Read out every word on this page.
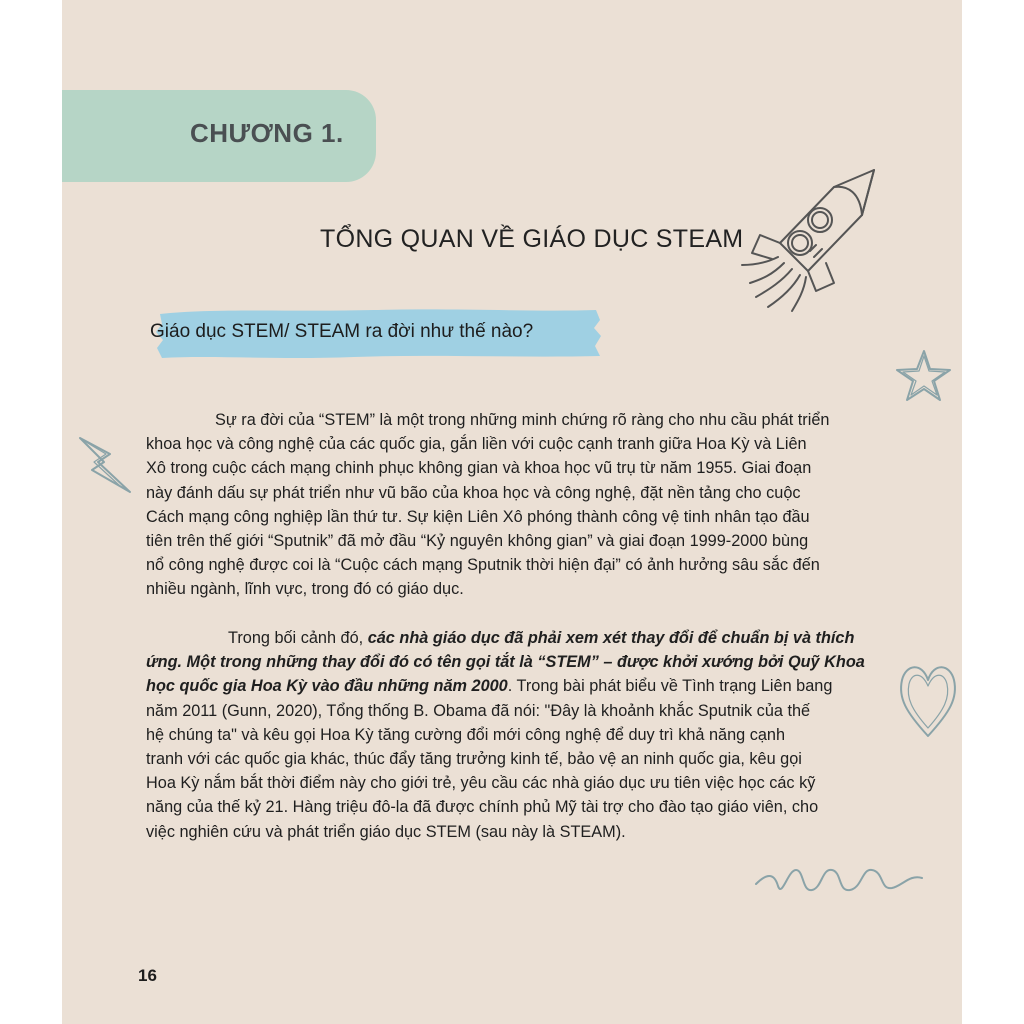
CHƯƠNG 1.
TỔNG QUAN VỀ GIÁO DỤC STEAM
Giáo dục STEM/ STEAM ra đời như thế nào?
Sự ra đời của “STEM” là một trong những minh chứng rõ ràng cho nhu cầu phát triển
khoa học và công nghệ của các quốc gia, gắn liền với cuộc cạnh tranh giữa Hoa Kỳ và Liên
Xô trong cuộc cách mạng chinh phục không gian và khoa học vũ trụ từ năm 1955. Giai đoạn
này đánh dấu sự phát triển như vũ bão của khoa học và công nghệ, đặt nền tảng cho cuộc
Cách mạng công nghiệp lần thứ tư. Sự kiện Liên Xô phóng thành công vệ tinh nhân tạo đầu
tiên trên thế giới “Sputnik” đã mở đầu “Kỷ nguyên không gian” và giai đoạn 1999-2000 bùng
nổ công nghệ được coi là “Cuộc cách mạng Sputnik thời hiện đại” có ảnh hưởng sâu sắc đến
nhiều ngành, lĩnh vực, trong đó có giáo dục.
Trong bối cảnh đó, các nhà giáo dục đã phải xem xét thay đổi để chuẩn bị và thích
ứng. Một trong những thay đổi đó có tên gọi tắt là “STEM” – được khởi xướng bởi Quỹ Khoa
học quốc gia Hoa Kỳ vào đầu những năm 2000. Trong bài phát biểu về Tình trạng Liên bang
năm 2011 (Gunn, 2020), Tổng thống B. Obama đã nói: "Đây là khoảnh khắc Sputnik của thế
hệ chúng ta" và kêu gọi Hoa Kỳ tăng cường đổi mới công nghệ để duy trì khả năng cạnh
tranh với các quốc gia khác, thúc đẩy tăng trưởng kinh tế, bảo vệ an ninh quốc gia, kêu gọi
Hoa Kỳ nắm bắt thời điểm này cho giới trẻ, yêu cầu các nhà giáo dục ưu tiên việc học các kỹ
năng của thế kỷ 21. Hàng triệu đô-la đã được chính phủ Mỹ tài trợ cho đào tạo giáo viên, cho
việc nghiên cứu và phát triển giáo dục STEM (sau này là STEAM).
16
